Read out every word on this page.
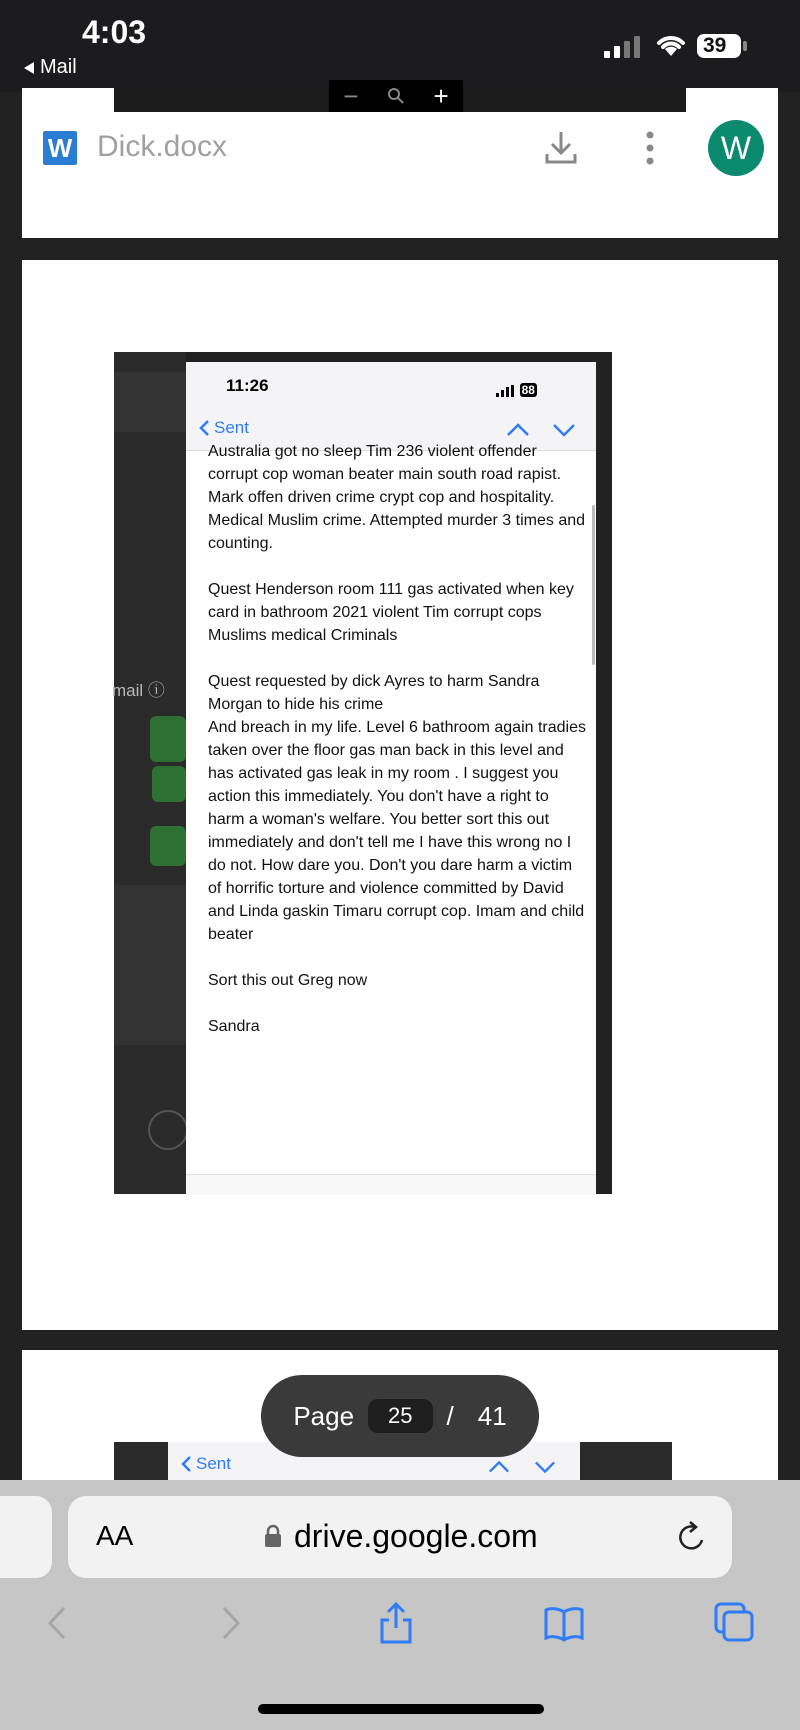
4:03
Mail
39
−	+
W Dick.docx	W
mail ⓘ
11:26	88
Sent

Australia got no sleep Tim 236 violent offender corrupt cop woman beater main south road rapist. Mark offen driven crime crypt cop and hospitality. Medical Muslim crime. Attempted murder 3 times and counting.

Quest Henderson room 111 gas activated when key card in bathroom 2021 violent Tim corrupt cops Muslims medical Criminals

Quest requested by dick Ayres to harm Sandra Morgan to hide his crime
And breach in my life. Level 6 bathroom again tradies taken over the floor gas man back in this level and has activated gas leak in my room . I suggest you action this immediately. You don't have a right to harm a woman's welfare. You better sort this out immediately and don't tell me I have this wrong no I do not. How dare you. Don't you dare harm a victim of horrific torture and violence committed by David and Linda gaskin Timaru corrupt cop. Imam and child beater

Sort this out Greg now

Sandra

Sent
Page	25	/ 41
AA	drive.google.com
